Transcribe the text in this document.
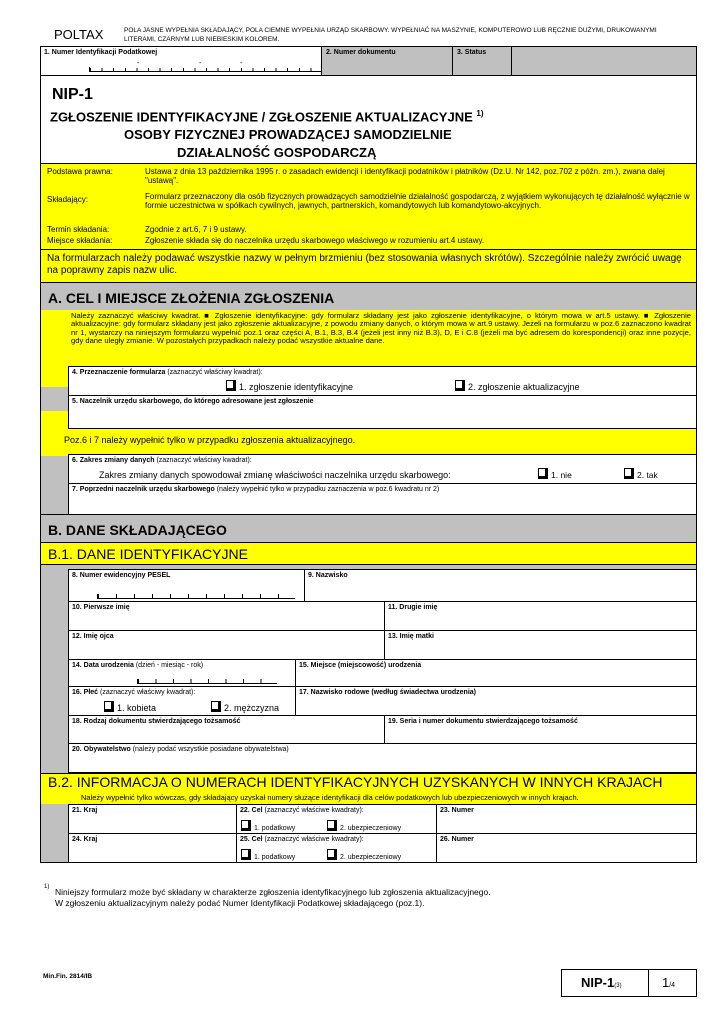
POLTAX	POLA JASNE WYPEŁNIA SKŁADAJĄCY, POLA CIEMNE WYPEŁNIA URZĄD SKARBOWY. WYPEŁNIAĆ NA MASZYNIE, KOMPUTEROWO LUB RĘCZNIE DUŻYMI, DRUKOWANYMI LITERAMI, CZARNYM LUB NIEBIESKIM KOLOREM.
1. Numer Identyfikacji Podatkowej
-	-	-
2. Numer dokumentu	3. Status
NIP-1
ZGŁOSZENIE IDENTYFIKACYJNE / ZGŁOSZENIE AKTUALIZACYJNE $^{1)}$
OSOBY FIZYCZNEJ PROWADZĄCEJ SAMODZIELNIE
DZIAŁALNOŚĆ GOSPODARCZĄ
Podstawa prawna:	Ustawa z dnia 13 października 1995 r. o zasadach ewidencji i identyfikacji podatników i płatników (Dz.U. Nr 142, poz.702 z późn. zm.), zwana dalej "ustawą".
Składający:	Formularz przeznaczony dla osób fizycznych prowadzących samodzielnie działalność gospodarczą, z wyjątkiem wykonujących tę działalność wyłącznie w formie uczestnictwa w spółkach cywilnych, jawnych, partnerskich, komandytowych lub komandytowo-akcyjnych.
Termin składania:	Zgodnie z art.6, 7 i 9 ustawy.
Miejsce składania:	Zgłoszenie składa się do naczelnika urzędu skarbowego właściwego w rozumieniu art.4 ustawy.
Na formularzach należy podawać wszystkie nazwy w pełnym brzmieniu (bez stosowania własnych skrótów). Szczególnie należy zwrócić uwagę na poprawny zapis nazw ulic.
A. CEL I MIEJSCE ZŁOŻENIA ZGŁOSZENIA
Należy zaznaczyć właściwy kwadrat. ■ Zgłoszenie identyfikacyjne: gdy formularz składany jest jako zgłoszenie identyfikacyjne, o którym mowa w art.5 ustawy. ■ Zgłoszenie aktualizacyjne: gdy formularz składany jest jako zgłoszenie aktualizacyjne, z powodu zmiany danych, o którym mowa w art.9 ustawy. Jeżeli na formularzu w poz.6 zaznaczono kwadrat nr 1, wystarczy na niniejszym formularzu wypełnić poz.1 oraz części A, B.1, B.3, B.4 (jeżeli jest inny niż B.3), D, E i C.8 (jeżeli ma być adresem do korespondencji) oraz inne pozycje, gdy dane uległy zmianie. W pozostałych przypadkach należy podać wszystkie aktualne dane.
4. Przeznaczenie formularza (zaznaczyć właściwy kwadrat):
1. zgłoszenie identyfikacyjne	2. zgłoszenie aktualizacyjne
5. Naczelnik urzędu skarbowego, do którego adresowane jest zgłoszenie
Poz.6 i 7 należy wypełnić tylko w przypadku zgłoszenia aktualizacyjnego.
6. Zakres zmiany danych (zaznaczyć właściwy kwadrat):
Zakres zmiany danych spowodował zmianę właściwości naczelnika urzędu skarbowego:	1. nie	2. tak
7. Poprzedni naczelnik urzędu skarbowego (należy wypełnić tylko w przypadku zaznaczenia w poz.6 kwadratu nr 2)
B. DANE SKŁADAJĄCEGO
B.1. DANE IDENTYFIKACYJNE
B.2. INFORMACJA O NUMERACH IDENTYFIKACYJNYCH UZYSKANYCH W INNYCH KRAJACH
Należy wypełnić tylko wówczas, gdy składający uzyskał numery służące identyfikacji dla celów podatkowych lub ubezpieczeniowych w innych krajach.
8. Numer ewidencyjny PESEL	9. Nazwisko
10. Pierwsze imię	11. Drugie imię
12. Imię ojca	13. Imię matki
14. Data urodzenia (dzień - miesiąc - rok)	15. Miejsce (miejscowość) urodzenia
16. Płeć (zaznaczyć właściwy kwadrat):
1. kobieta	2. mężczyzna
17. Nazwisko rodowe (według świadectwa urodzenia)
18. Rodzaj dokumentu stwierdzającego tożsamość	19. Seria i numer dokumentu stwierdzającego tożsamość
20. Obywatelstwo (należy podać wszystkie posiadane obywatelstwa)
21. Kraj	22. Cel (zaznaczyć właściwe kwadraty):
1. podatkowy	2. ubezpieczeniowy
23. Numer
24. Kraj	25. Cel (zaznaczyć właściwe kwadraty):
1. podatkowy	2. ubezpieczeniowy
26. Numer
1) Niniejszy formularz może być składany w charakterze zgłoszenia identyfikacyjnego lub zgłoszenia aktualizacyjnego.
W zgłoszeniu aktualizacyjnym należy podać Numer Identyfikacji Podatkowej składającego (poz.1).
Min.Fin. 2814/IB	NIP-1(3)	1/4
